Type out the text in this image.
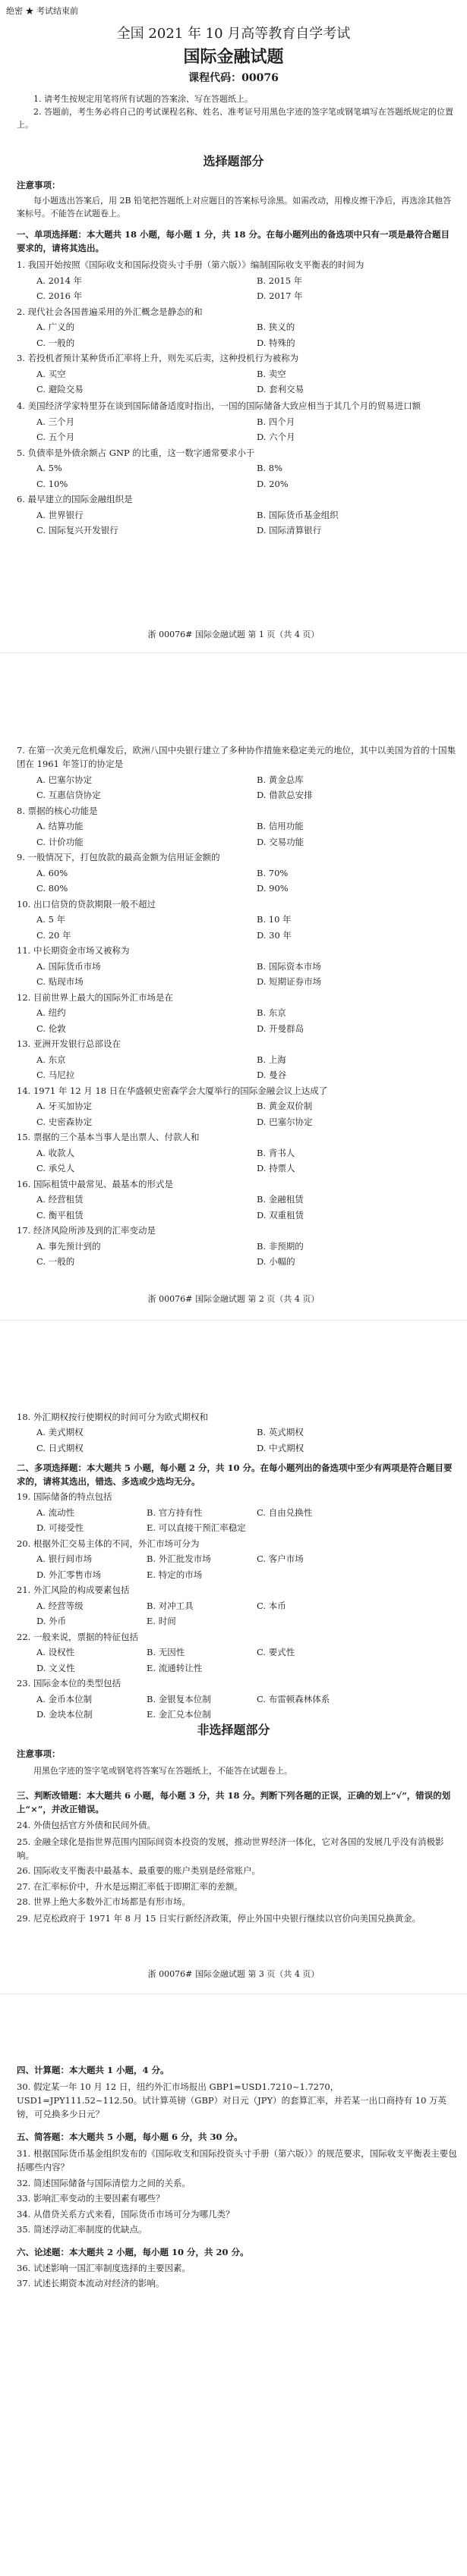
绝密 ★ 考试结束前
全国 2021 年 10 月高等教育自学考试
国际金融试题
课程代码：00076
1. 请考生按规定用笔将所有试题的答案涂、写在答题纸上。
2. 答题前，考生务必将自己的考试课程名称、姓名、准考证号用黑色字迹的签字笔或钢笔填写在答题纸规定的位置上。
选择题部分
注意事项：
每小题选出答案后，用 2B 铅笔把答题纸上对应题目的答案标号涂黑。如需改动，用橡皮擦干净后，再选涂其他答案标号。不能答在试题卷上。
一、单项选择题：本大题共 18 小题，每小题 1 分，共 18 分。在每小题列出的备选项中只有一项是最符合题目要求的，请将其选出。
1. 我国开始按照《国际收支和国际投资头寸手册（第六版）》编制国际收支平衡表的时间为
A. 2014 年	B. 2015 年
C. 2016 年	D. 2017 年
2. 现代社会各国普遍采用的外汇概念是静态的和
A. 广义的	B. 狭义的
C. 一般的	D. 特殊的
3. 若投机者预计某种货币汇率将上升，则先买后卖，这种投机行为被称为
A. 买空	B. 卖空
C. 避险交易	D. 套利交易
4. 美国经济学家特里芬在谈到国际储备适度时指出，一国的国际储备大致应相当于其几个月的贸易进口额
A. 三个月	B. 四个月
C. 五个月	D. 六个月
5. 负债率是外债余额占 GNP 的比重，这一数字通常要求小于
A. 5%	B. 8%
C. 10%	D. 20%
6. 最早建立的国际金融组织是
A. 世界银行	B. 国际货币基金组织
C. 国际复兴开发银行	D. 国际清算银行
浙 00076# 国际金融试题 第 1 页（共 4 页）
7. 在第一次美元危机爆发后，欧洲八国中央银行建立了多种协作措施来稳定美元的地位，其中以美国为首的十国集团在 1961 年签订的协定是
A. 巴塞尔协定	B. 黄金总库
C. 互惠信贷协定	D. 借款总安排
8. 票据的核心功能是
A. 结算功能	B. 信用功能
C. 计价功能	D. 交易功能
9. 一般情况下，打包放款的最高金额为信用证金额的
A. 60%	B. 70%
C. 80%	D. 90%
10. 出口信贷的贷款期限一般不超过
A. 5 年	B. 10 年
C. 20 年	D. 30 年
11. 中长期资金市场又被称为
A. 国际货币市场	B. 国际资本市场
C. 贴现市场	D. 短期证券市场
12. 目前世界上最大的国际外汇市场是在
A. 纽约	B. 东京
C. 伦敦	D. 开曼群岛
13. 亚洲开发银行总部设在
A. 东京	B. 上海
C. 马尼拉	D. 曼谷
14. 1971 年 12 月 18 日在华盛顿史密森学会大厦举行的国际金融会议上达成了
A. 牙买加协定	B. 黄金双价制
C. 史密森协定	D. 巴塞尔协定
15. 票据的三个基本当事人是出票人、付款人和
A. 收款人	B. 背书人
C. 承兑人	D. 持票人
16. 国际租赁中最常见、最基本的形式是
A. 经营租赁	B. 金融租赁
C. 衡平租赁	D. 双重租赁
17. 经济风险所涉及到的汇率变动是
A. 事先预计到的	B. 非预期的
C. 一般的	D. 小幅的
浙 00076# 国际金融试题 第 2 页（共 4 页）
18. 外汇期权按行使期权的时间可分为欧式期权和
A. 美式期权	B. 英式期权
C. 日式期权	D. 中式期权
二、多项选择题：本大题共 5 小题，每小题 2 分，共 10 分。在每小题列出的备选项中至少有两项是符合题目要求的，请将其选出，错选、多选或少选均无分。
19. 国际储备的特点包括
A. 流动性	B. 官方持有性	C. 自由兑换性
D. 可接受性	E. 可以直接干预汇率稳定
20. 根据外汇交易主体的不同，外汇市场可分为
A. 银行间市场	B. 外汇批发市场	C. 客户市场
D. 外汇零售市场	E. 特定的市场
21. 外汇风险的构成要素包括
A. 经营等级	B. 对冲工具	C. 本币
D. 外币	E. 时间
22. 一般来说，票据的特征包括
A. 设权性	B. 无因性	C. 要式性
D. 文义性	E. 流通转让性
23. 国际金本位的类型包括
A. 金币本位制	B. 金银复本位制	C. 布雷顿森林体系
D. 金块本位制	E. 金汇兑本位制
非选择题部分
注意事项：
用黑色字迹的签字笔或钢笔将答案写在答题纸上，不能答在试题卷上。
三、判断改错题：本大题共 6 小题，每小题 3 分，共 18 分。判断下列各题的正误，正确的划上“√”，错误的划上“×”，并改正错误。
24. 外债包括官方外债和民间外债。
25. 金融全球化是指世界范围内国际间资本投资的发展，推动世界经济一体化，它对各国的发展几乎没有消极影响。
26. 国际收支平衡表中最基本、最重要的账户类别是经常账户。
27. 在汇率标价中，升水是远期汇率低于即期汇率的差额。
28. 世界上绝大多数外汇市场都是有形市场。
29. 尼克松政府于 1971 年 8 月 15 日实行新经济政策，停止外国中央银行继续以官价向美国兑换黄金。
浙 00076# 国际金融试题 第 3 页（共 4 页）
四、计算题：本大题共 1 小题，4 分。
30. 假定某一年 10 月 12 日，纽约外汇市场报出 GBP1=USD1.7210~1.7270，USD1=JPY111.52~112.50。试计算英镑（GBP）对日元（JPY）的套算汇率，并若某一出口商持有 10 万英镑，可兑换多少日元？
五、简答题：本大题共 5 小题，每小题 6 分，共 30 分。
31. 根据国际货币基金组织发布的《国际收支和国际投资头寸手册（第六版）》的规范要求，国际收支平衡表主要包括哪些内容？
32. 简述国际储备与国际清偿力之间的关系。
33. 影响汇率变动的主要因素有哪些？
34. 从借贷关系方式来看，国际货币市场可分为哪几类？
35. 简述浮动汇率制度的优缺点。
六、论述题：本大题共 2 小题，每小题 10 分，共 20 分。
36. 试述影响一国汇率制度选择的主要因素。
37. 试述长期资本流动对经济的影响。
